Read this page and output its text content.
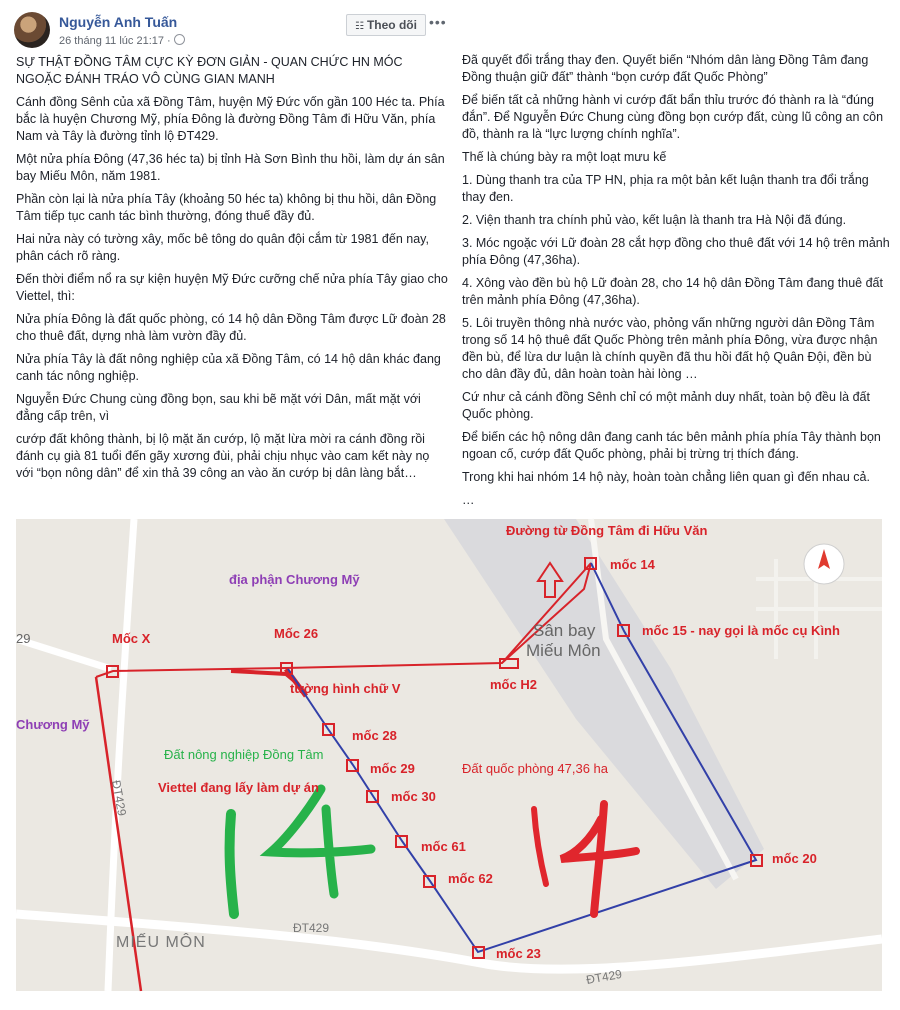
Nguyễn Anh Tuấn
26 tháng 11 lúc 21:17 ·
☷ Theo dõi •••

SỰ THẬT ĐỒNG TÂM CỰC KỲ ĐƠN GIẢN - QUAN CHỨC HN MÓC NGOẶC ĐÁNH TRÁO VÔ CÙNG GIAN MANH

Cánh đồng Sênh của xã Đồng Tâm, huyện Mỹ Đức vốn gần 100 Héc ta. Phía bắc là huyện Chương Mỹ, phía Đông là đường Đồng Tâm đi Hữu Văn, phía Nam và Tây là đường tỉnh lộ ĐT429.

Một nửa phía Đông (47,36 héc ta) bị tỉnh Hà Sơn Bình thu hồi, làm dự án sân bay Miếu Môn, năm 1981.

Phần còn lại là nửa phía Tây (khoảng 50 héc ta) không bị thu hồi, dân Đồng Tâm tiếp tục canh tác bình thường, đóng thuế đầy đủ.

Hai nửa này có tường xây, mốc bê tông do quân đội cắm từ 1981 đến nay, phân cách rõ ràng.

Đến thời điểm nổ ra sự kiện huyện Mỹ Đức cưỡng chế nửa phía Tây giao cho Viettel, thì:

Nửa phía Đông là đất quốc phòng, có 14 hộ dân Đồng Tâm được Lữ đoàn 28 cho thuê đất, dựng nhà làm vườn đầy đủ.

Nửa phía Tây là đất nông nghiệp của xã Đồng Tâm, có 14 hộ dân khác đang canh tác nông nghiệp.

Nguyễn Đức Chung cùng đồng bọn, sau khi bẽ mặt với Dân, mất mặt với đẳng cấp trên, vì

cướp đất không thành, bị lộ mặt ăn cướp, lộ mặt lừa mời ra cánh đồng rồi đánh cụ già 81 tuổi đến gãy xương đùi, phải chịu nhục vào cam kết này nọ với “bọn nông dân” để xin thả 39 công an vào ăn cướp bị dân làng bắt…

Đã quyết đổi trắng thay đen. Quyết biến “Nhóm dân làng Đồng Tâm đang Đồng thuận giữ đất” thành “bọn cướp đất Quốc Phòng”

Để biến tất cả những hành vi cướp đất bẩn thỉu trước đó thành ra là “đúng đắn”. Để Nguyễn Đức Chung cùng đồng bọn cướp đất, cùng lũ công an côn đồ, thành ra là “lực lượng chính nghĩa”.

Thế là chúng bày ra một loạt mưu kế

1. Dùng thanh tra của TP HN, phịa ra một bản kết luận thanh tra đổi trắng thay đen.

2. Viện thanh tra chính phủ vào, kết luận là thanh tra Hà Nội đã đúng.

3. Móc ngoặc với Lữ đoàn 28 cắt hợp đồng cho thuê đất với 14 hộ trên mảnh phía Đông (47,36ha).

4. Xông vào đền bù hộ Lữ đoàn 28, cho 14 hộ dân Đồng Tâm đang thuê đất trên mảnh phía Đông (47,36ha).

5. Lôi truyền thông nhà nước vào, phỏng vấn những người dân Đồng Tâm trong số 14 hộ thuê đất Quốc Phòng trên mảnh phía Đông, vừa được nhận đền bù, để lừa dư luận là chính quyền đã thu hồi đất hộ Quân Đội, đền bù cho dân đầy đủ, dân hoàn toàn hài lòng …

Cứ như cả cánh đồng Sênh chỉ có một mảnh duy nhất, toàn bộ đều là đất Quốc phòng.

Để biến các hộ nông dân đang canh tác bên mảnh phía phía Tây thành bọn ngoan cố, cướp đất Quốc phòng, phải bị trừng trị thích đáng.

Trong khi hai nhóm 14 hộ này, hoàn toàn chẳng liên quan gì đến nhau cả.

…

Đường từ Đồng Tâm đi Hữu Văn
địa phận Chương Mỹ
Chương Mỹ
29	Sân bay
Miếu Môn
MIẾU MÔN
ĐT429
ĐT429
ĐT429
Mốc X	Mốc 26
tường hình chữ V	mốc H2
mốc 14
mốc 15 - nay gọi là mốc cụ Kình
mốc 28
mốc 29
mốc 30
mốc 61
mốc 62
mốc 23
mốc 20
Đất nông nghiệp Đồng Tâm
Viettel đang lấy làm dự án
Đất quốc phòng 47,36 ha
14	14
